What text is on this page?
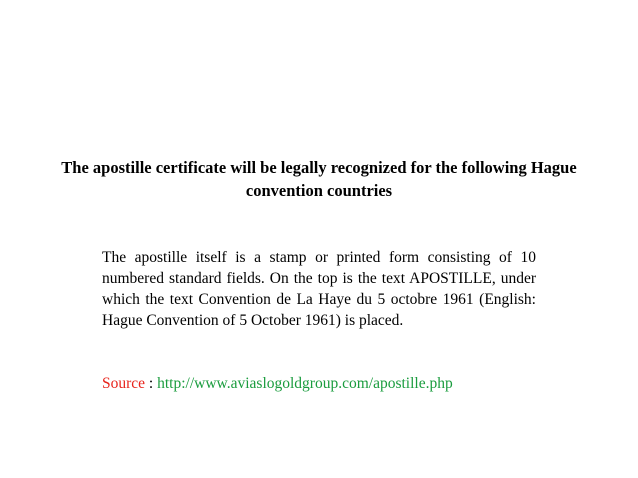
The apostille certificate will be legally recognized for the following Hague convention countries
The apostille itself is a stamp or printed form consisting of 10 numbered standard fields. On the top is the text APOSTILLE, under which the text Convention de La Haye du 5 octobre 1961 (English: Hague Convention of 5 October 1961) is placed.
Source : http://www.aviaslogoldgroup.com/apostille.php
